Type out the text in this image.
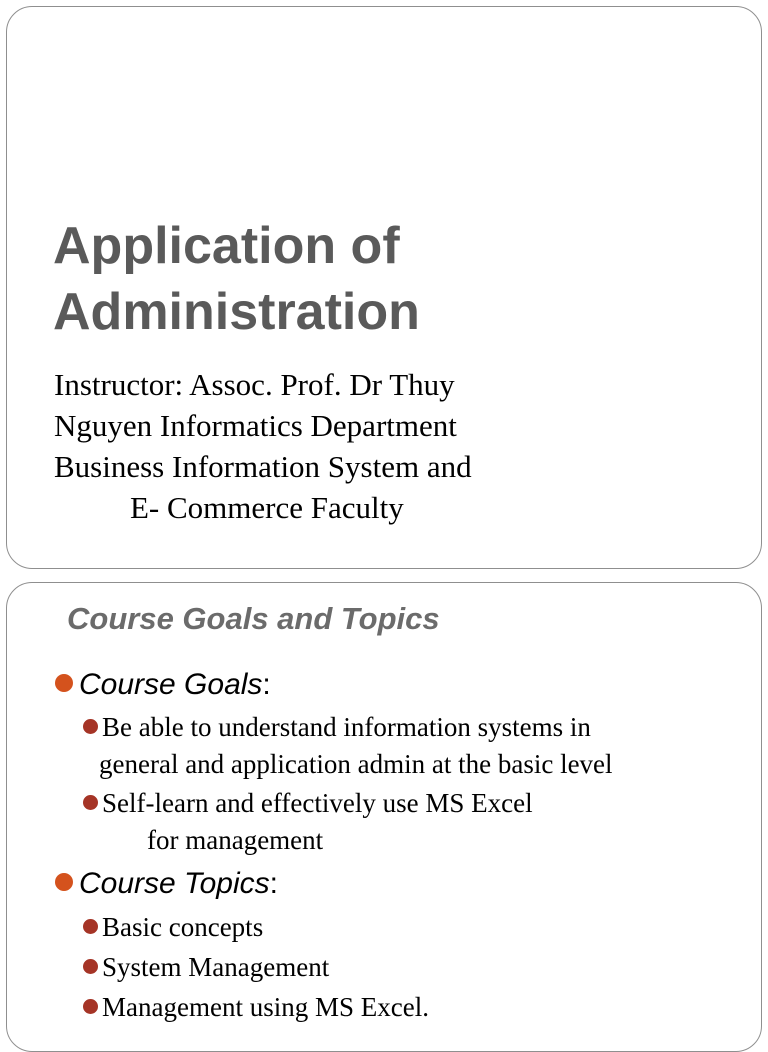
Application of
Administration
Instructor: Assoc. Prof. Dr Thuy
Nguyen Informatics Department
Business Information System and
E- Commerce Faculty
Course Goals and Topics
Course Goals:
Be able to understand information systems in
general and application admin at the basic level
Self-learn and effectively use MS Excel
for management
Course Topics:
Basic concepts
System Management
Management using MS Excel.
